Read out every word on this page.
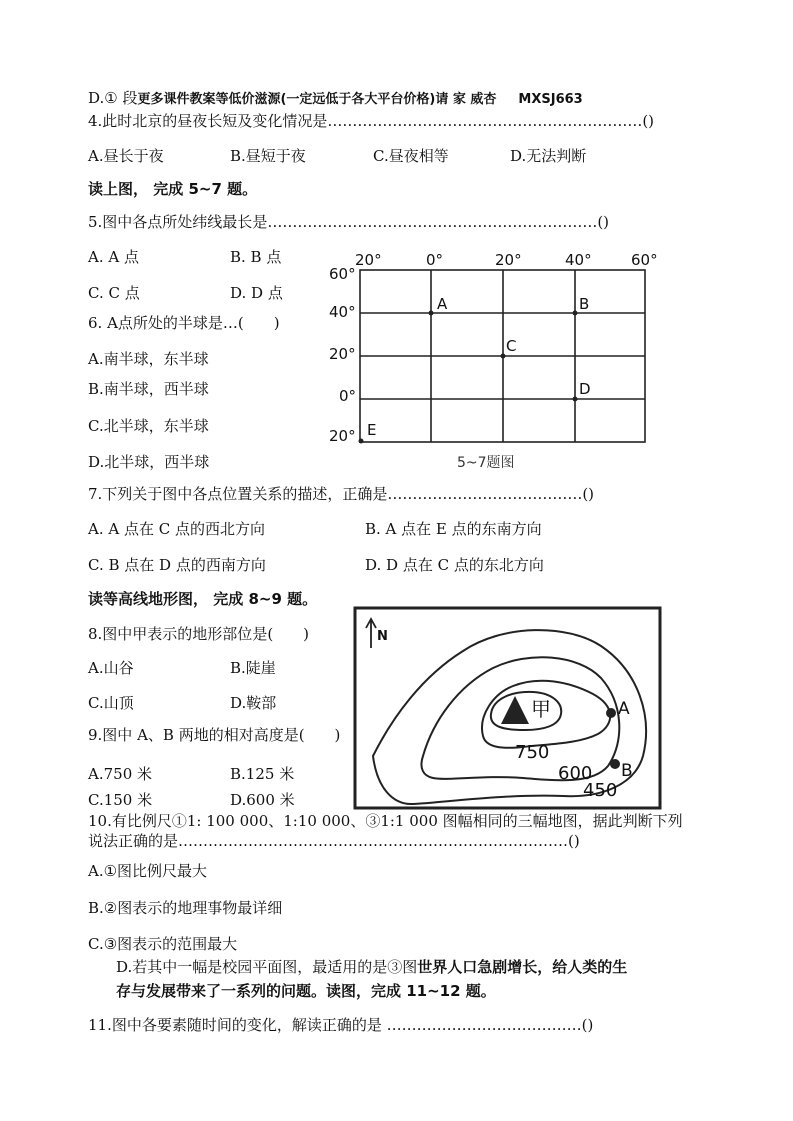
D.① 段更多课件教案等低价滋源(一定远低于各大平台价格)请 家 威杏 MXSJ663
4.此时北京的昼夜长短及变化情况是………………………………………………………()
A.昼长于夜	B.昼短于夜	C.昼夜相等	D.无法判断
读上图， 完成 5~7 题。
5.图中各点所处纬线最长是…………………………………………………………()
A. A 点	B. B 点
C. C 点	D. D 点
6. A点所处的半球是…(　　)
A.南半球，东半球
B.南半球，西半球
C.北半球，东半球
D.北半球，西半球
20°	0°	20°	40°	60°
60°
40°
20°
0°
20°
A	B
C
D
E
5~7题图
7.下列关于图中各点位置关系的描述，正确是…………………………………()
A. A 点在 C 点的西北方向	B. A 点在 E 点的东南方向
C. B 点在 D 点的西南方向	D. D 点在 C 点的东北方向
读等高线地形图， 完成 8~9 题。
8.图中甲表示的地形部位是(　　)
A.山谷	B.陡崖
C.山顶	D.鞍部
9.图中 A、B 两地的相对高度是(　　)
A.750 米	B.125 米
C.150 米	D.600 米
N
甲	A
B
750
600
450
10.有比例尺①1: 100 000、1:10 000、③1:1 000 图幅相同的三幅地图，据此判断下列
说法正确的是……………………………………………………………………()
A.①图比例尺最大
B.②图表示的地理事物最详细
C.③图表示的范围最大
D.若其中一幅是校园平面图，最适用的是③图世界人口急剧增长，给人类的生
存与发展带来了一系列的问题。读图，完成 11~12 题。
11.图中各要素随时间的变化，解读正确的是 …………………………………()
